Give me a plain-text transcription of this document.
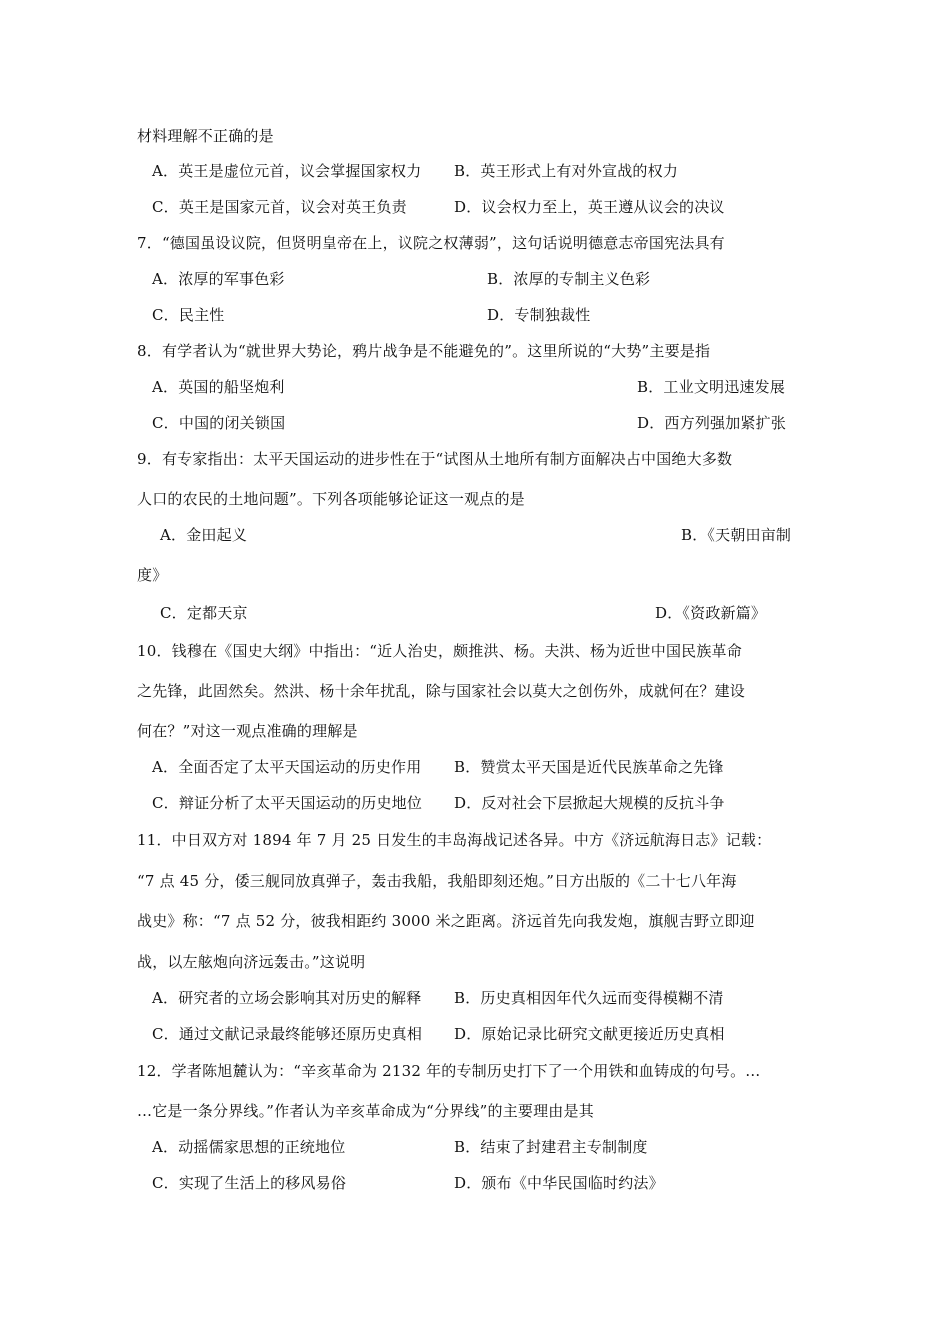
材料理解不正确的是
A．英王是虚位元首，议会掌握国家权力 B．英王形式上有对外宣战的权力
C．英王是国家元首，议会对英王负责	D．议会权力至上，英王遵从议会的决议
7．“德国虽设议院，但贤明皇帝在上，议院之权薄弱”，这句话说明德意志帝国宪法具有
A．浓厚的军事色彩	B．浓厚的专制主义色彩
C．民主性	D．专制独裁性
8．有学者认为“就世界大势论，鸦片战争是不能避免的”。这里所说的“大势”主要是指
A．英国的船坚炮利	B．工业文明迅速发展
C．中国的闭关锁国	D．西方列强加紧扩张
9．有专家指出：太平天国运动的进步性在于“试图从土地所有制方面解决占中国绝大多数
人口的农民的土地问题”。下列各项能够论证这一观点的是
A．金田起义	B．《天朝田亩制
度》
C．定都天京	D．《资政新篇》
10．钱穆在《国史大纲》中指出：“近人治史，颇推洪、杨。夫洪、杨为近世中国民族革命
之先锋，此固然矣。然洪、杨十余年扰乱，除与国家社会以莫大之创伤外，成就何在？建设
何在？”对这一观点准确的理解是
A．全面否定了太平天国运动的历史作用 B．赞赏太平天国是近代民族革命之先锋
C．辩证分析了太平天国运动的历史地位 D．反对社会下层掀起大规模的反抗斗争
11．中日双方对 1894 年 7 月 25 日发生的丰岛海战记述各异。中方《济远航海日志》记载：
“7 点 45 分，倭三舰同放真弹子，轰击我船，我船即刻还炮。”日方出版的《二十七八年海
战史》称：“7 点 52 分，彼我相距约 3000 米之距离。济远首先向我发炮，旗舰吉野立即迎
战，以左舷炮向济远轰击。”这说明
A．研究者的立场会影响其对历史的解释 B．历史真相因年代久远而变得模糊不清
C．通过文献记录最终能够还原历史真相 D．原始记录比研究文献更接近历史真相
12．学者陈旭麓认为：“辛亥革命为 2132 年的专制历史打下了一个用铁和血铸成的句号。…
…它是一条分界线。”作者认为辛亥革命成为“分界线”的主要理由是其
A．动摇儒家思想的正统地位	B．结束了封建君主专制制度
C．实现了生活上的移风易俗	D．颁布《中华民国临时约法》
